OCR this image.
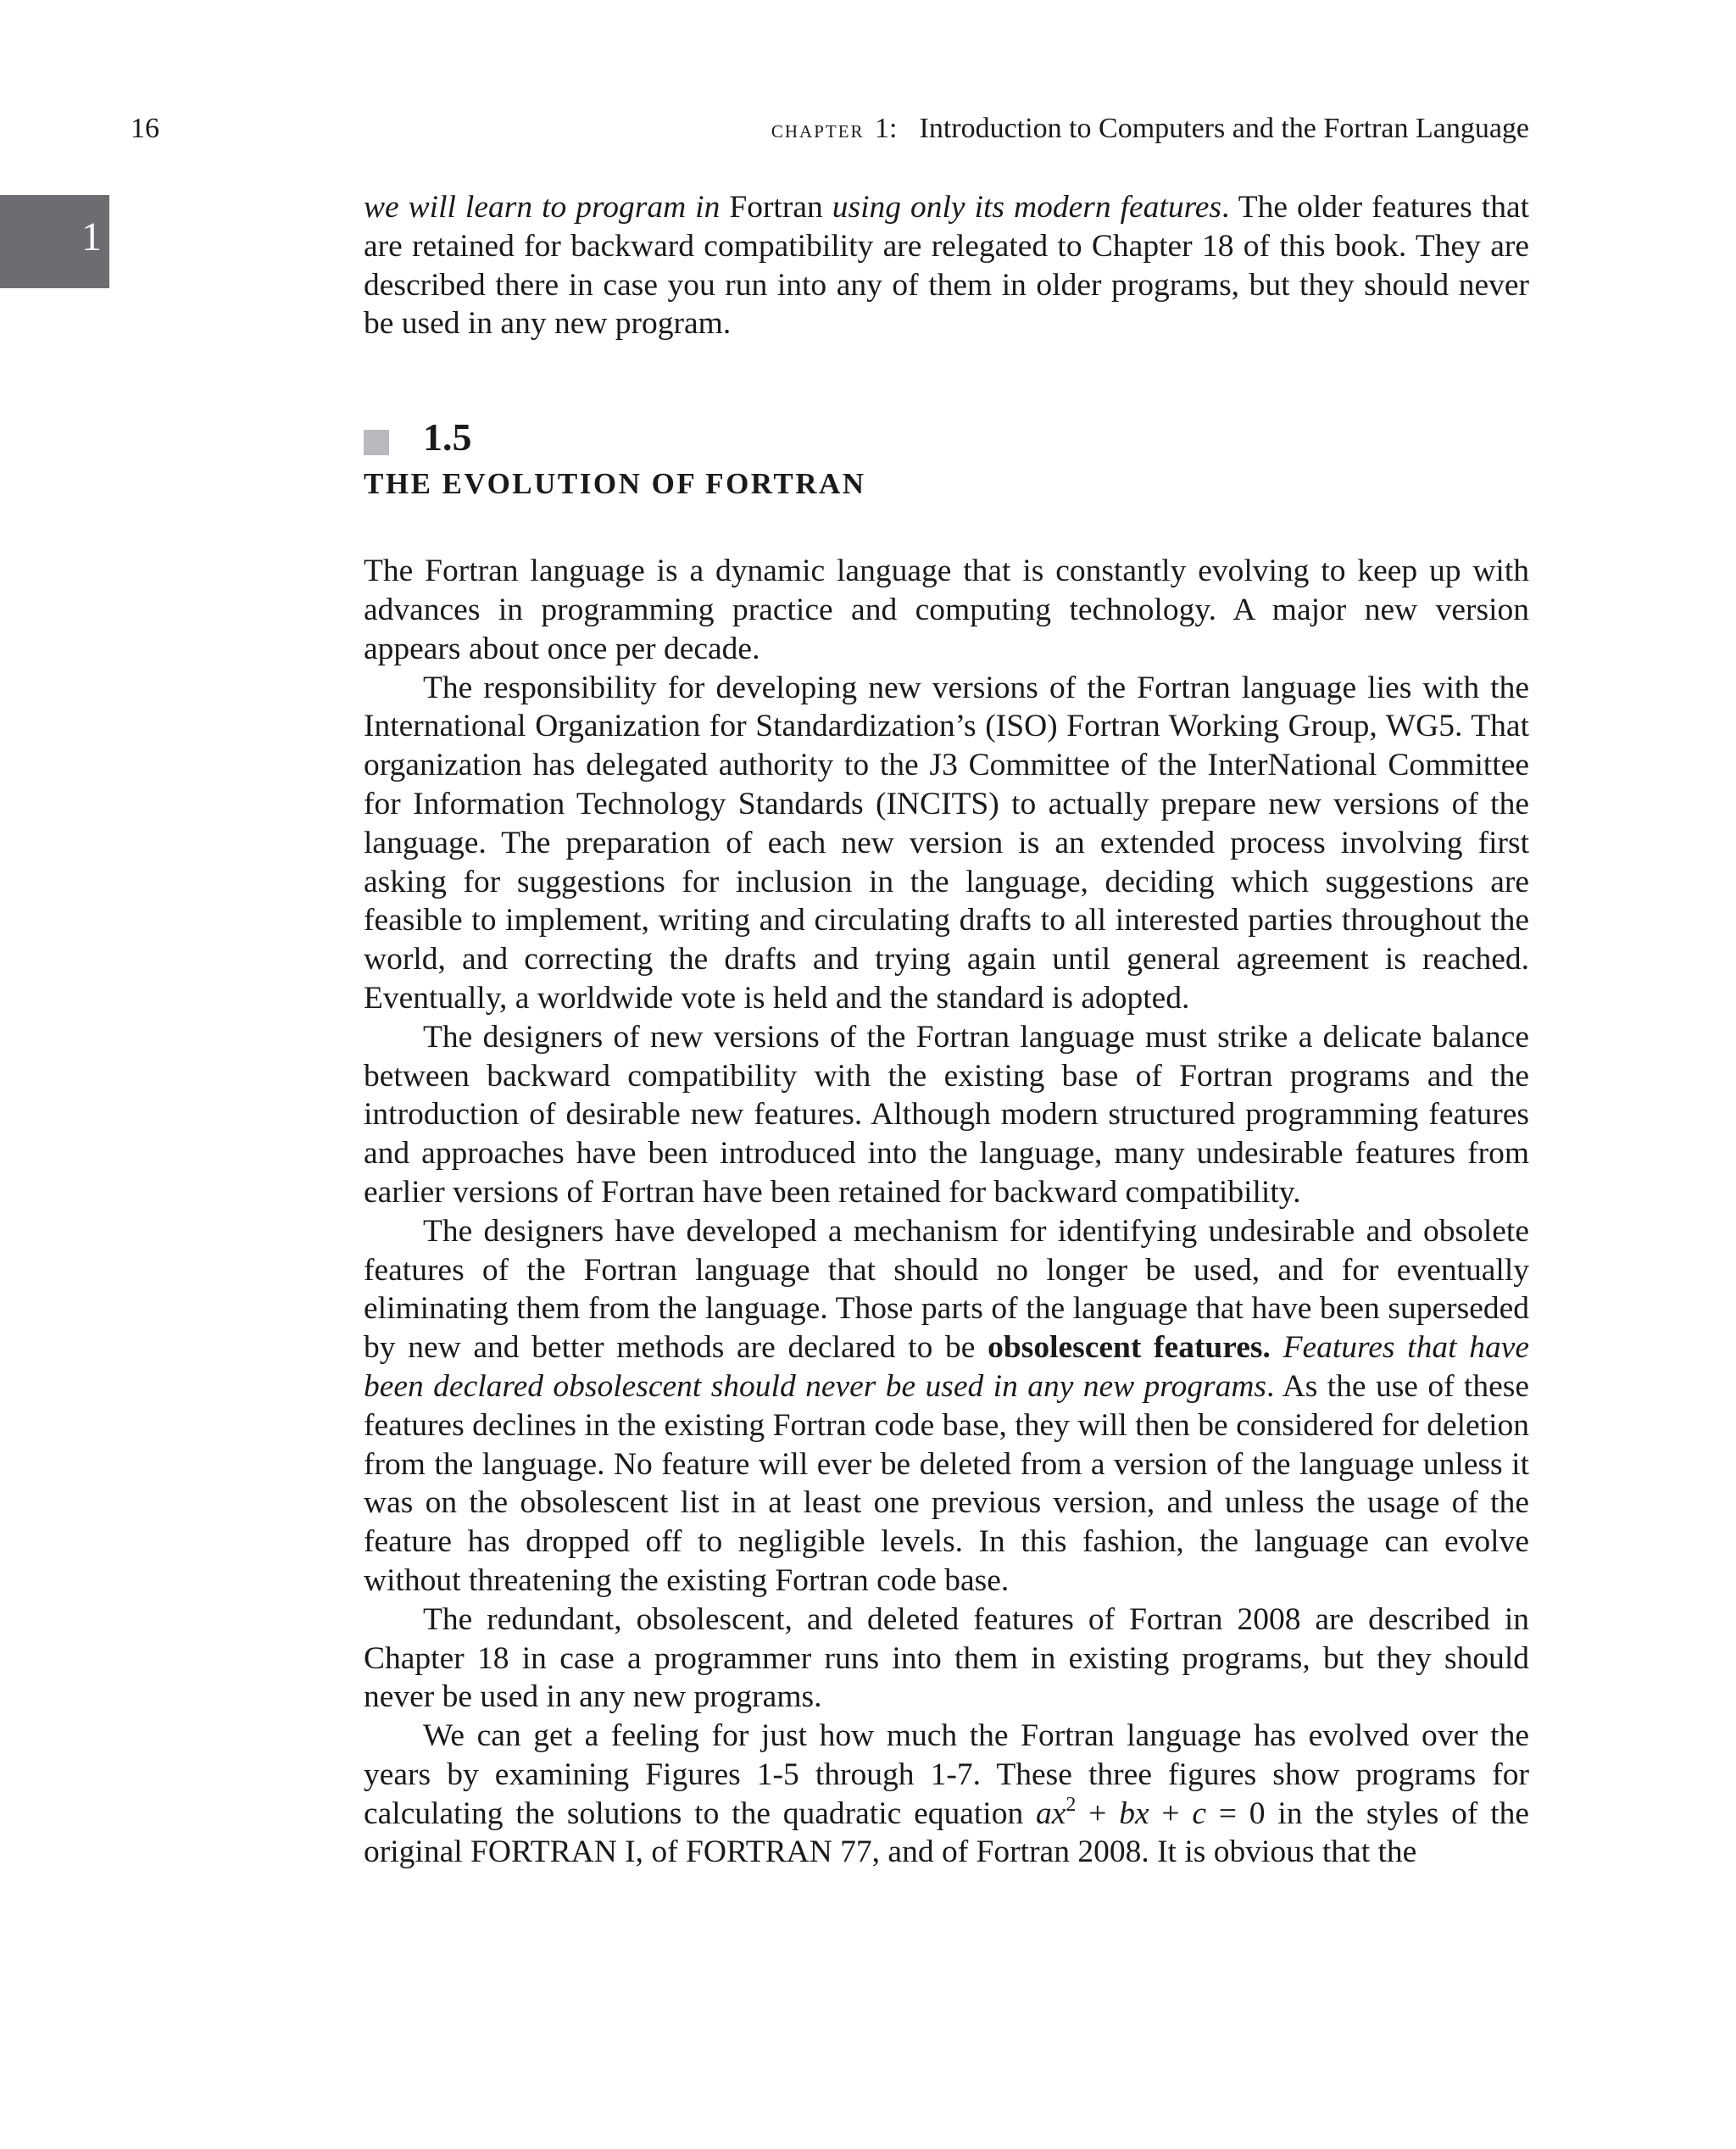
16	chapter 1: Introduction to Computers and the Fortran Language
1

we will learn to program in Fortran using only its modern features. The older features that are retained for backward compatibility are relegated to Chapter 18 of this book. They are described there in case you run into any of them in older programs, but they should never be used in any new program.

1.5
THE EVOLUTION OF FORTRAN

The Fortran language is a dynamic language that is constantly evolving to keep up with advances in programming practice and computing technology. A major new version appears about once per decade.

The responsibility for developing new versions of the Fortran language lies with the International Organization for Standardization’s (ISO) Fortran Working Group, WG5. That organization has delegated authority to the J3 Committee of the InterNational Committee for Information Technology Standards (INCITS) to actually prepare new versions of the language. The preparation of each new version is an extended process involving first asking for suggestions for inclusion in the language, deciding which suggestions are feasible to implement, writing and circulating drafts to all interested parties throughout the world, and correcting the drafts and trying again until general agreement is reached. Eventually, a worldwide vote is held and the standard is adopted.

The designers of new versions of the Fortran language must strike a delicate balance between backward compatibility with the existing base of Fortran programs and the introduction of desirable new features. Although modern structured programming features and approaches have been introduced into the language, many undesirable features from earlier versions of Fortran have been retained for backward compatibility.

The designers have developed a mechanism for identifying undesirable and obsolete features of the Fortran language that should no longer be used, and for eventually eliminating them from the language. Those parts of the language that have been superseded by new and better methods are declared to be obsolescent features. Features that have been declared obsolescent should never be used in any new programs. As the use of these features declines in the existing Fortran code base, they will then be considered for deletion from the language. No feature will ever be deleted from a version of the language unless it was on the obsolescent list in at least one previous version, and unless the usage of the feature has dropped off to negligible levels. In this fashion, the language can evolve without threatening the existing Fortran code base.

The redundant, obsolescent, and deleted features of Fortran 2008 are described in Chapter 18 in case a programmer runs into them in existing programs, but they should never be used in any new programs.

We can get a feeling for just how much the Fortran language has evolved over the years by examining Figures 1-5 through 1-7. These three figures show programs for calculating the solutions to the quadratic equation $ax^2$ + bx + c = 0 in the styles of the original FORTRAN I, of FORTRAN 77, and of Fortran 2008. It is obvious that the
